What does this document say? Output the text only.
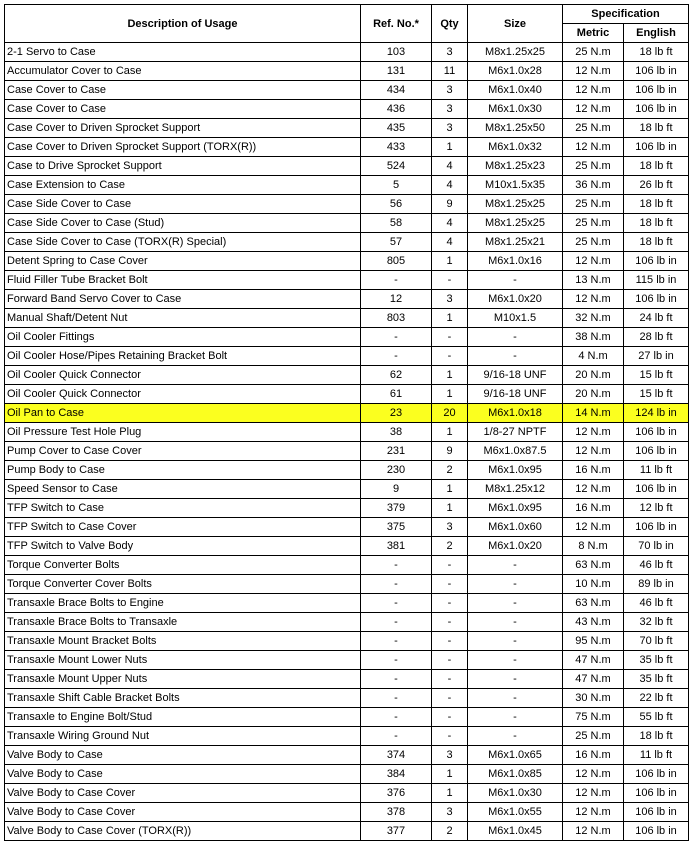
Description of Usage	Ref. No.*	Qty	Size	Specification	
				Metric	English
2-1 Servo to Case	103	3	M8x1.25x25	25 N.m	18 lb ft
Accumulator Cover to Case	131	11	M6x1.0x28	12 N.m	106 lb in
Case Cover to Case	434	3	M6x1.0x40	12 N.m	106 lb in
Case Cover to Case	436	3	M6x1.0x30	12 N.m	106 lb in
Case Cover to Driven Sprocket Support	435	3	M8x1.25x50	25 N.m	18 lb ft
Case Cover to Driven Sprocket Support (TORX(R))	433	1	M6x1.0x32	12 N.m	106 lb in
Case to Drive Sprocket Support	524	4	M8x1.25x23	25 N.m	18 lb ft
Case Extension to Case	5	4	M10x1.5x35	36 N.m	26 lb ft
Case Side Cover to Case	56	9	M8x1.25x25	25 N.m	18 lb ft
Case Side Cover to Case (Stud)	58	4	M8x1.25x25	25 N.m	18 lb ft
Case Side Cover to Case (TORX(R) Special)	57	4	M8x1.25x21	25 N.m	18 lb ft
Detent Spring to Case Cover	805	1	M6x1.0x16	12 N.m	106 lb in
Fluid Filler Tube Bracket Bolt	-	-	-	13 N.m	115 lb in
Forward Band Servo Cover to Case	12	3	M6x1.0x20	12 N.m	106 lb in
Manual Shaft/Detent Nut	803	1	M10x1.5	32 N.m	24 lb ft
Oil Cooler Fittings	-	-	-	38 N.m	28 lb ft
Oil Cooler Hose/Pipes Retaining Bracket Bolt	-	-	-	4 N.m	27 lb in
Oil Cooler Quick Connector	62	1	9/16-18 UNF	20 N.m	15 lb ft
Oil Cooler Quick Connector	61	1	9/16-18 UNF	20 N.m	15 lb ft
Oil Pan to Case	23	20	M6x1.0x18	14 N.m	124 lb in
Oil Pressure Test Hole Plug	38	1	1/8-27 NPTF	12 N.m	106 lb in
Pump Cover to Case Cover	231	9	M6x1.0x87.5	12 N.m	106 lb in
Pump Body to Case	230	2	M6x1.0x95	16 N.m	11 lb ft
Speed Sensor to Case	9	1	M8x1.25x12	12 N.m	106 lb in
TFP Switch to Case	379	1	M6x1.0x95	16 N.m	12 lb ft
TFP Switch to Case Cover	375	3	M6x1.0x60	12 N.m	106 lb in
TFP Switch to Valve Body	381	2	M6x1.0x20	8 N.m	70 lb in
Torque Converter Bolts	-	-	-	63 N.m	46 lb ft
Torque Converter Cover Bolts	-	-	-	10 N.m	89 lb in
Transaxle Brace Bolts to Engine	-	-	-	63 N.m	46 lb ft
Transaxle Brace Bolts to Transaxle	-	-	-	43 N.m	32 lb ft
Transaxle Mount Bracket Bolts	-	-	-	95 N.m	70 lb ft
Transaxle Mount Lower Nuts	-	-	-	47 N.m	35 lb ft
Transaxle Mount Upper Nuts	-	-	-	47 N.m	35 lb ft
Transaxle Shift Cable Bracket Bolts	-	-	-	30 N.m	22 lb ft
Transaxle to Engine Bolt/Stud	-	-	-	75 N.m	55 lb ft
Transaxle Wiring Ground Nut	-	-	-	25 N.m	18 lb ft
Valve Body to Case	374	3	M6x1.0x65	16 N.m	11 lb ft
Valve Body to Case	384	1	M6x1.0x85	12 N.m	106 lb in
Valve Body to Case Cover	376	1	M6x1.0x30	12 N.m	106 lb in
Valve Body to Case Cover	378	3	M6x1.0x55	12 N.m	106 lb in
Valve Body to Case Cover (TORX(R))	377	2	M6x1.0x45	12 N.m	106 lb in
